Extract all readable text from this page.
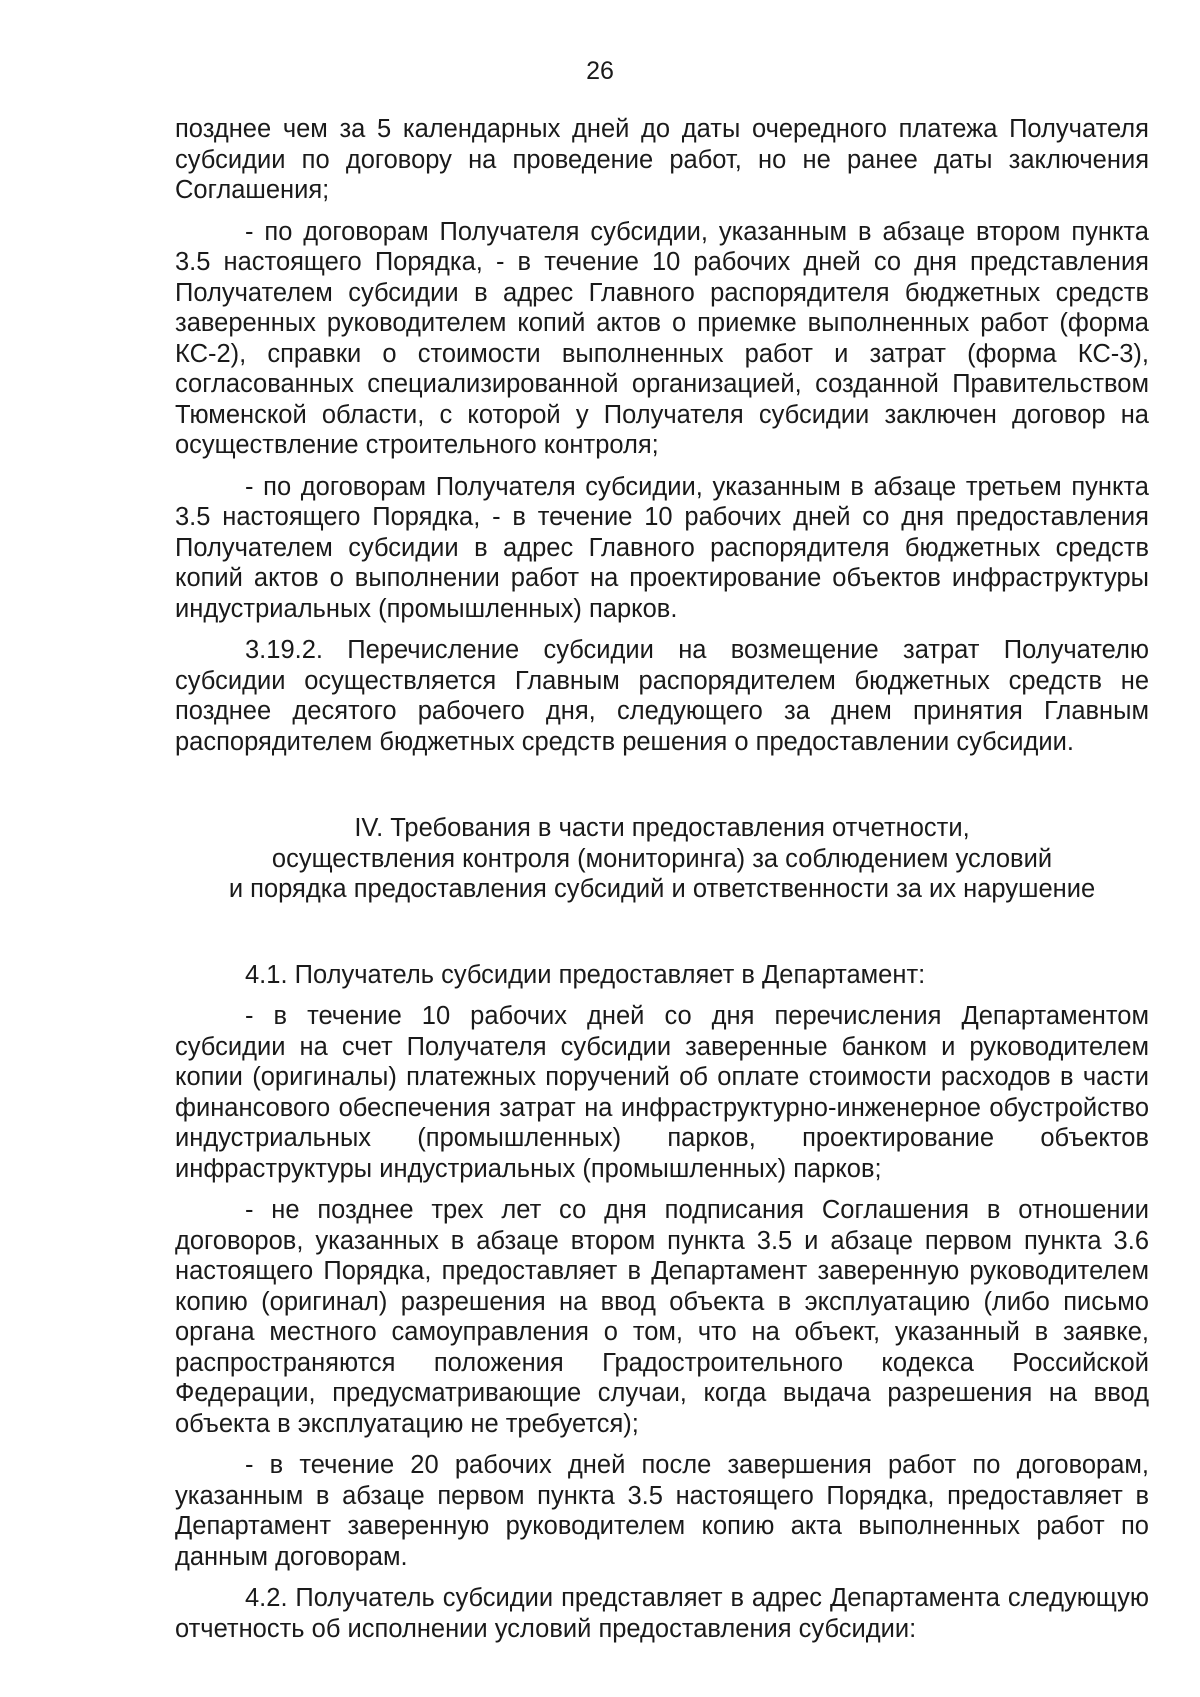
26

позднее чем за 5 календарных дней до даты очередного платежа Получателя субсидии по договору на проведение работ, но не ранее даты заключения Соглашения;

- по договорам Получателя субсидии, указанным в абзаце втором пункта 3.5 настоящего Порядка, - в течение 10 рабочих дней со дня представления Получателем субсидии в адрес Главного распорядителя бюджетных средств заверенных руководителем копий актов о приемке выполненных работ (форма КС-2), справки о стоимости выполненных работ и затрат (форма КС-3), согласованных специализированной организацией, созданной Правительством Тюменской области, с которой у Получателя субсидии заключен договор на осуществление строительного контроля;

- по договорам Получателя субсидии, указанным в абзаце третьем пункта 3.5 настоящего Порядка, - в течение 10 рабочих дней со дня предоставления Получателем субсидии в адрес Главного распорядителя бюджетных средств копий актов о выполнении работ на проектирование объектов инфраструктуры индустриальных (промышленных) парков.

3.19.2. Перечисление субсидии на возмещение затрат Получателю субсидии осуществляется Главным распорядителем бюджетных средств не позднее десятого рабочего дня, следующего за днем принятия Главным распорядителем бюджетных средств решения о предоставлении субсидии.

IV. Требования в части предоставления отчетности,
осуществления контроля (мониторинга) за соблюдением условий
и порядка предоставления субсидий и ответственности за их нарушение

4.1. Получатель субсидии предоставляет в Департамент:

- в течение 10 рабочих дней со дня перечисления Департаментом субсидии на счет Получателя субсидии заверенные банком и руководителем копии (оригиналы) платежных поручений об оплате стоимости расходов в части финансового обеспечения затрат на инфраструктурно-инженерное обустройство индустриальных (промышленных) парков, проектирование объектов инфраструктуры индустриальных (промышленных) парков;

- не позднее трех лет со дня подписания Соглашения в отношении договоров, указанных в абзаце втором пункта 3.5 и абзаце первом пункта 3.6 настоящего Порядка, предоставляет в Департамент заверенную руководителем копию (оригинал) разрешения на ввод объекта в эксплуатацию (либо письмо органа местного самоуправления о том, что на объект, указанный в заявке, распространяются положения Градостроительного кодекса Российской Федерации, предусматривающие случаи, когда выдача разрешения на ввод объекта в эксплуатацию не требуется);

- в течение 20 рабочих дней после завершения работ по договорам, указанным в абзаце первом пункта 3.5 настоящего Порядка, предоставляет в Департамент заверенную руководителем копию акта выполненных работ по данным договорам.

4.2. Получатель субсидии представляет в адрес Департамента следующую отчетность об исполнении условий предоставления субсидии:
